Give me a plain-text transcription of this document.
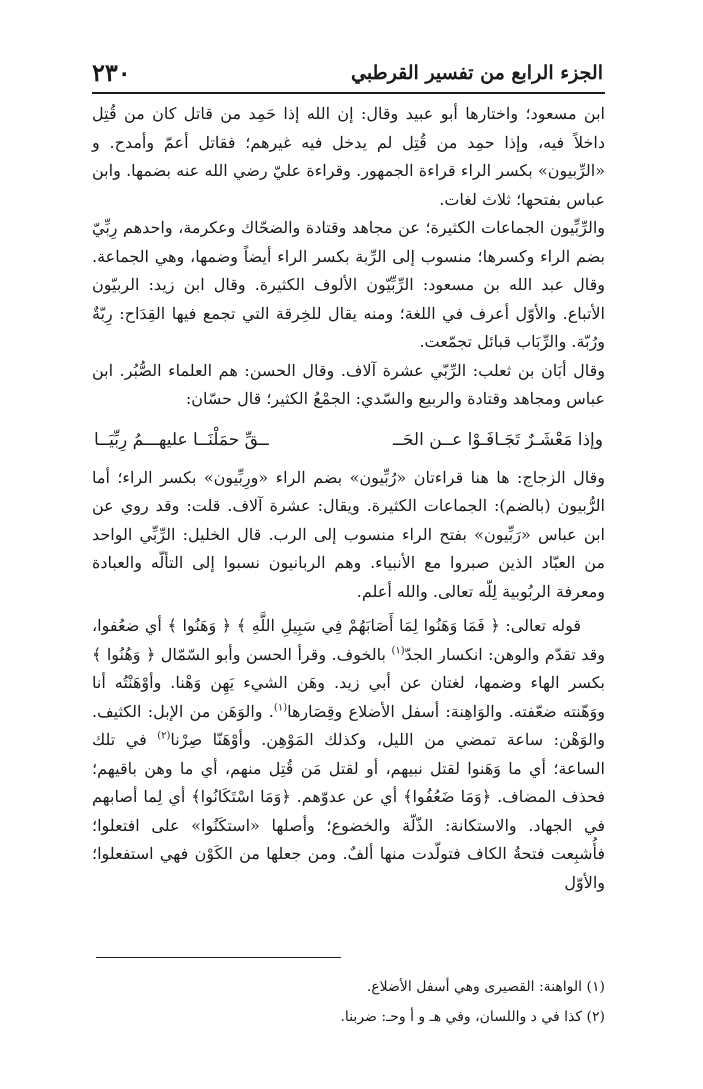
الجزء الرابع من تفسير القرطبي
٢٣٠

ابن مسعود؛ واختارها أبو عبيد وقال: إن الله إذا حَمِد من قاتل كان من قُتِل داخلاً فيه، وإذا حمِد من قُتِل لم يدخل فيه غيرهم؛ فقاتل أعمّ وأمدح. و «الرِّبيون» بكسر الراء قراءة الجمهور. وقراءة عليّ رضي الله عنه بضمها. وابن عباس بفتحها؛ ثلاث لغات.

والرِّبِّيون الجماعات الكثيرة؛ عن مجاهد وقتادة والضحّاك وعكرمة، واحدهم رِبِّيّ بضم الراء وكسرها؛ منسوب إلى الرِّبة بكسر الراء أيضاً وضمها، وهي الجماعة. وقال عبد الله بن مسعود: الرِّبِّيّون الألوف الكثيرة. وقال ابن زيد: الربيّون الأتباع. والأوّل أعرف في اللغة؛ ومنه يقال للخِرقة التي تجمع فيها القِدَاح: رِبّةٌ ورُبّة. والرِّبَاب قبائل تجمّعت.

وقال أبَان بن ثعلب: الرِّبّي عشرة آلاف. وقال الحسن: هم العلماء الصُّبُر. ابن عباس ومجاهد وقتادة والربيع والسّدي: الجمْعُ الكثير؛ قال حسّان:

وإذا مَعْشَـرٌ تَجَـافَـوْا عــن الحَــ
ــقِّ حمَلْنَــا عليهـــمُ رِبِّيَــا

وقال الزجاج: ها هنا قراءتان «رُبِّيون» بضم الراء «ورِبِّيون» بكسر الراء؛ أما الرُّبيون (بالضم): الجماعات الكثيرة. ويقال: عشرة آلاف. قلت: وقد روي عن ابن عباس «رَبِّيون» بفتح الراء منسوب إلى الرب. قال الخليل: الرِّبِّي الواحد من العبّاد الذين صبروا مع الأنبياء. وهم الربانيون نسبوا إلى التألّه والعبادة ومعرفة الربُوبية لِلّه تعالى. والله أعلم.

قوله تعالى: ﴿ فَمَا وَهَنُوا لِمَا أَصَابَهُمْ فِي سَبِيلِ اللَّهِ ﴾ ﴿ وَهَنُوا ﴾ أي ضعُفوا، وقد تقدّم والوهن: انكسار الجدّ$^{(١)}$ بالخوف. وقرأ الحسن وأبو السّمّال ﴿ وَهُنُوا ﴾ بكسر الهاء وضمها، لغتان عن أبي زيد. وهَن الشيء يَهِن وَهْنا. وأوْهَنْتُه أنا ووَهّنته ضعّفته. والوَاهِنة: أسفل الأضلاع وقِصَارها$^{(١)}$. والوَهَن من الإبل: الكثيف. والوَهْن: ساعة تمضي من الليل، وكذلك المَوْهِن. وأوْهَنّا صِرْنا$^{(٢)}$ في تلك الساعة؛ أي ما وَهَنوا لقتل نبيهم، أو لقتل مَن قُتِل منهم، أي ما وهن باقيهم؛ فحذف المضاف. ﴿وَمَا ضَعُفُوا﴾ أي عن عدوّهم. ﴿وَمَا اسْتَكَانُوا﴾ أي لِما أصابهم في الجهاد. والاستكانة: الذّلّة والخضوع؛ وأصلها «استكَنُوا» على افتعلوا؛ فأُشبِعت فتحةُ الكاف فتولّدت منها ألفٌ. ومن جعلها من الكَوْن فهي استفعلوا؛ والأوّل

(١) الواهنة: القصيرى وهي أسفل الأضلاع.

(٢) كذا في د واللسان، وفي هـ و أ وحـ: ضربنا.
